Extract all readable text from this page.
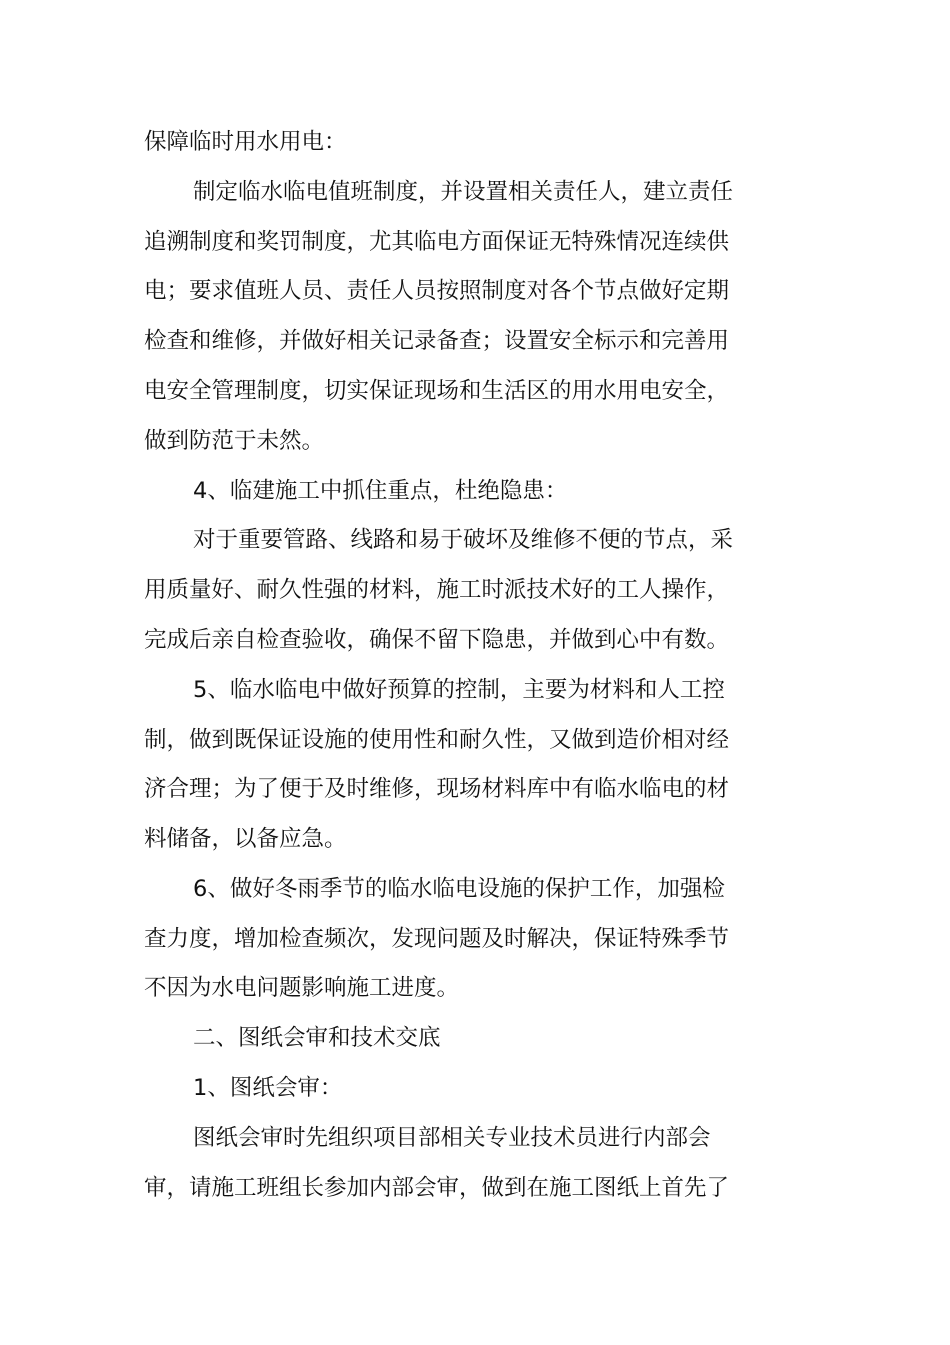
保障临时用水用电：
制定临水临电值班制度，并设置相关责任人，建立责任
追溯制度和奖罚制度，尤其临电方面保证无特殊情况连续供
电；要求值班人员、责任人员按照制度对各个节点做好定期
检查和维修，并做好相关记录备查；设置安全标示和完善用
电安全管理制度，切实保证现场和生活区的用水用电安全，
做到防范于未然。
4、临建施工中抓住重点，杜绝隐患：
对于重要管路、线路和易于破坏及维修不便的节点，采
用质量好、耐久性强的材料，施工时派技术好的工人操作，
完成后亲自检查验收，确保不留下隐患，并做到心中有数。
5、临水临电中做好预算的控制，主要为材料和人工控
制，做到既保证设施的使用性和耐久性，又做到造价相对经
济合理；为了便于及时维修，现场材料库中有临水临电的材
料储备，以备应急。
6、做好冬雨季节的临水临电设施的保护工作，加强检
查力度，增加检查频次，发现问题及时解决，保证特殊季节
不因为水电问题影响施工进度。
二、图纸会审和技术交底
1、图纸会审：
图纸会审时先组织项目部相关专业技术员进行内部会
审，请施工班组长参加内部会审，做到在施工图纸上首先了
